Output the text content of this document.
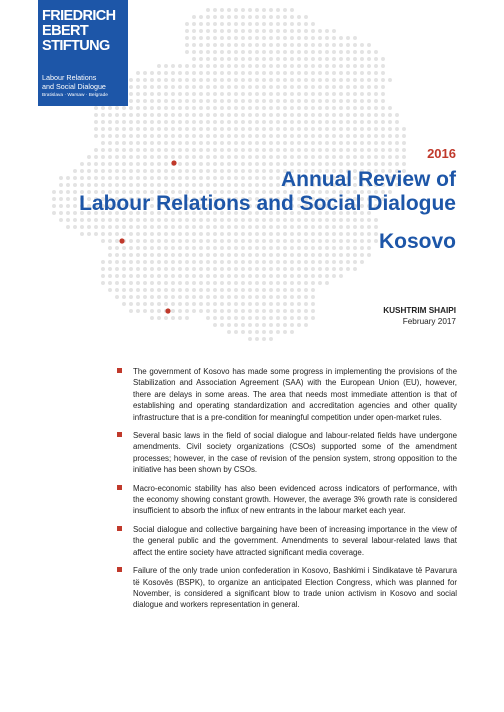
FRIEDRICH
EBERT
STIFTUNG
Labour Relations
and Social Dialogue
Bratislava · Warsaw · Belgrade
2016
Annual Review of
Labour Relations and Social Dialogue
Kosovo
KUSHTRIM SHAIPI
February 2017
The government of Kosovo has made some progress in implementing the provisions of the Stabilization and Association Agreement (SAA) with the European Union (EU), however, there are delays in some areas. The area that needs most immediate attention is that of establishing and operating standardization and accreditation agencies and other quality infrastructure that is a pre-condition for meaningful competition under open-market rules.
Several basic laws in the field of social dialogue and labour-related fields have undergone amendments. Civil society organizations (CSOs) supported some of the amendment processes; however, in the case of revision of the pension system, strong opposition to the initiative has been shown by CSOs.
Macro-economic stability has also been evidenced across indicators of performance, with the economy showing constant growth. However, the average 3% growth rate is considered insufficient to absorb the influx of new entrants in the labour market each year.
Social dialogue and collective bargaining have been of increasing importance in the view of the general public and the government. Amendments to several labour-related laws that affect the entire society have attracted significant media coverage.
Failure of the only trade union confederation in Kosovo, Bashkimi i Sindikatave të Pavarura të Kosovës (BSPK), to organize an anticipated Election Congress, which was planned for November, is considered a significant blow to trade union activism in Kosovo and social dialogue and workers representation in general.
